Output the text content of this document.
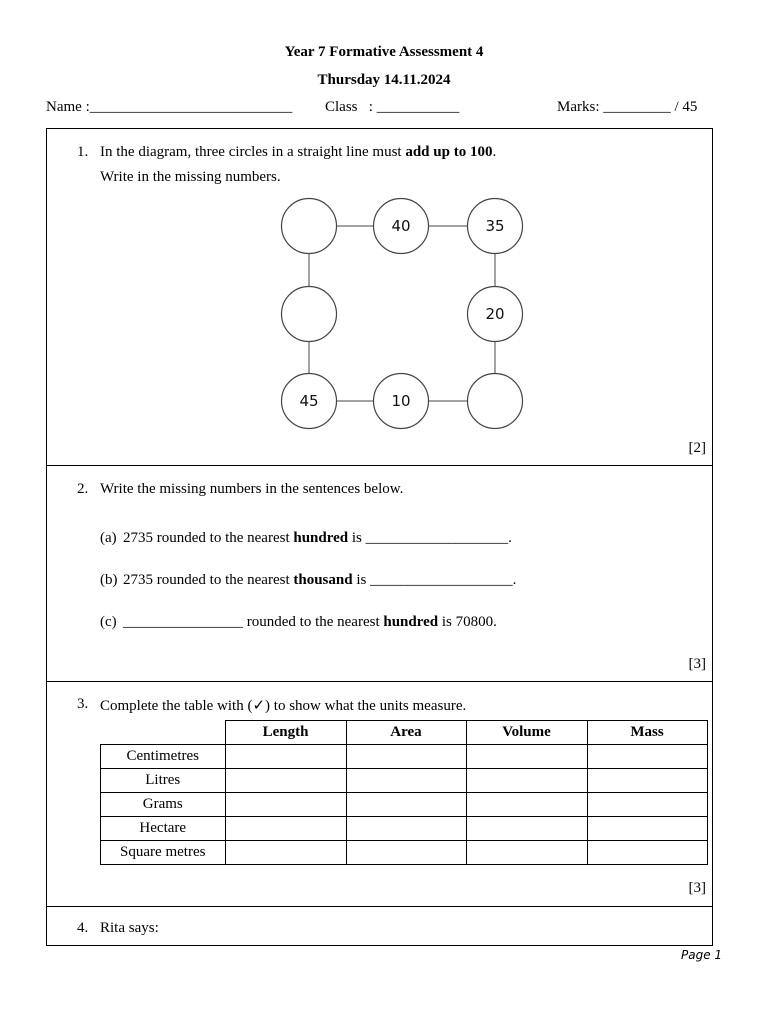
Year 7 Formative Assessment 4
Thursday 14.11.2024
Name :___________________________ Class : ___________	Marks: _________ / 45
1. In the diagram, three circles in a straight line must add up to 100.
Write in the missing numbers.
40	35
20
45	10
[2]
2. Write the missing numbers in the sentences below.
(a) 2735 rounded to the nearest hundred is ___________________.
(b) 2735 rounded to the nearest thousand is ___________________.
(c) ________________ rounded to the nearest hundred is 70800.
[3]
3. Complete the table with (✓) to show what the units measure.
[3]
	Length	Area	Volume	Mass
Centimetres				
Litres				
Grams				
Hectare				
Square metres				
4. Rita says:
Page 1
